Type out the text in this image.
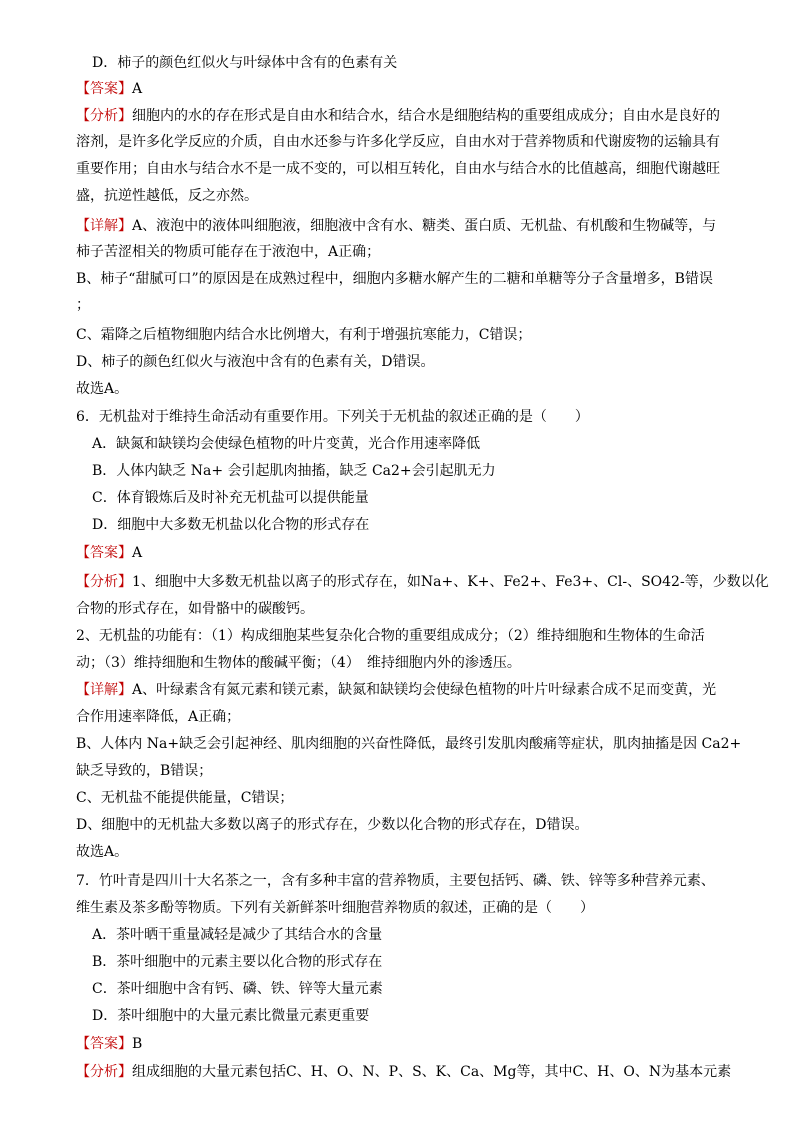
D．柿子的颜色红似火与叶绿体中含有的色素有关
【答案】A
【分析】细胞内的水的存在形式是自由水和结合水，结合水是细胞结构的重要组成成分；自由水是良好的
溶剂，是许多化学反应的介质，自由水还参与许多化学反应，自由水对于营养物质和代谢废物的运输具有
重要作用；自由水与结合水不是一成不变的，可以相互转化，自由水与结合水的比值越高，细胞代谢越旺
盛，抗逆性越低，反之亦然。
【详解】A、液泡中的液体叫细胞液，细胞液中含有水、糖类、蛋白质、无机盐、有机酸和生物碱等，与
柿子苦涩相关的物质可能存在于液泡中，A正确；
B、柿子“甜腻可口”的原因是在成熟过程中，细胞内多糖水解产生的二糖和单糖等分子含量增多，B错误
；
C、霜降之后植物细胞内结合水比例增大，有利于增强抗寒能力，C错误；
D、柿子的颜色红似火与液泡中含有的色素有关，D错误。
故选A。
6．无机盐对于维持生命活动有重要作用。下列关于无机盐的叙述正确的是（　　）
A．缺氮和缺镁均会使绿色植物的叶片变黄，光合作用速率降低
B．人体内缺乏 Na+ 会引起肌肉抽搐，缺乏 Ca2+会引起肌无力
C．体育锻炼后及时补充无机盐可以提供能量
D．细胞中大多数无机盐以化合物的形式存在
【答案】A
【分析】1、细胞中大多数无机盐以离子的形式存在，如Na+、K+、Fe2+、Fe3+、Cl-、SO42-等，少数以化
合物的形式存在，如骨骼中的碳酸钙。
2、无机盐的功能有：（1）构成细胞某些复杂化合物的重要组成成分；（2）维持细胞和生物体的生命活
动；（3）维持细胞和生物体的酸碱平衡；（4）　维持细胞内外的渗透压。
【详解】A、叶绿素含有氮元素和镁元素，缺氮和缺镁均会使绿色植物的叶片叶绿素合成不足而变黄，光
合作用速率降低，A正确；
B、人体内 Na+缺乏会引起神经、肌肉细胞的兴奋性降低，最终引发肌肉酸痛等症状，肌肉抽搐是因 Ca2+
缺乏导致的，B错误；
C、无机盐不能提供能量，C错误；
D、细胞中的无机盐大多数以离子的形式存在，少数以化合物的形式存在，D错误。
故选A。
7．竹叶青是四川十大名茶之一，含有多种丰富的营养物质，主要包括钙、磷、铁、锌等多种营养元素、
维生素及茶多酚等物质。下列有关新鲜茶叶细胞营养物质的叙述，正确的是（　　）
A．茶叶晒干重量减轻是减少了其结合水的含量
B．茶叶细胞中的元素主要以化合物的形式存在
C．茶叶细胞中含有钙、磷、铁、锌等大量元素
D．茶叶细胞中的大量元素比微量元素更重要
【答案】B
【分析】组成细胞的大量元素包括C、H、O、N、P、S、K、Ca、Mg等，其中C、H、O、N为基本元素
